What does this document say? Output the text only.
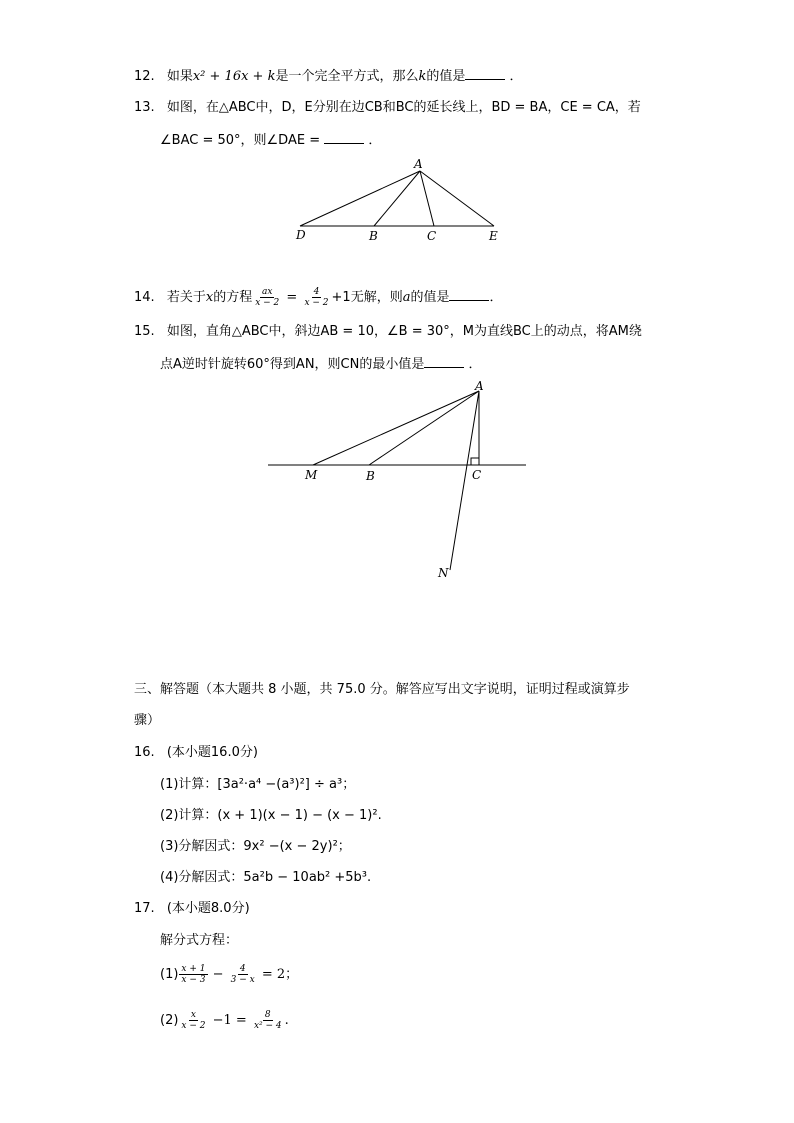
12. 如果x² + 16x + k是一个完全平方式，那么k的值是	．
13. 如图，在△ABC中，D，E分别在边CB和BC的延长线上，BD = BA，CE = CA，若
∠BAC = 50°，则∠DAE =	．
A
D	B	C	E
A
M	B	C
N
14. 若关于x的方程 $\frac{ax}{x - 2} = \frac{4}{x - 2} +1$无解，则a的值是	．
15. 如图，直角△ABC中，斜边AB = 10，∠B = 30°，M为直线BC上的动点，将AM绕
点A逆时针旋转60°得到AN，则CN的最小值是	．
三、解答题（本大题共 8 小题，共 75.0 分。解答应写出文字说明，证明过程或演算步
骤）
16. (本小题16.0分)
(1)计算：[3a²·a⁴ −(a³)²] ÷ a³；
(2)计算：(x + 1)(x − 1) − (x − 1)².
(3)分解因式：9x² −(x − 2y)²；
(4)分解因式：5a²b − 10ab² +5b³.
17. (本小题8.0分)
解分式方程：
$(1) \frac{x + 1}{x - 3} - \frac{4}{3 - x} = 2$；
$(2) \frac{x}{x - 2} -1 = \frac{8}{\text{x² − 4}}$ .
